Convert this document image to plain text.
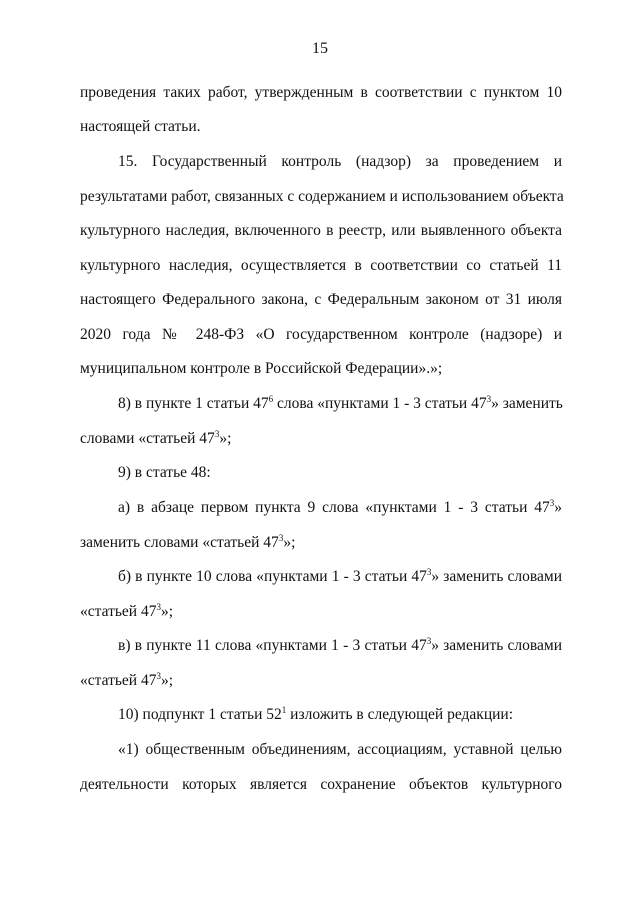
15
проведения таких работ, утвержденным в соответствии с пунктом 10
настоящей статьи.
15. Государственный контроль (надзор) за проведением и
результатами работ, связанных с содержанием и использованием объекта
культурного наследия, включенного в реестр, или выявленного объекта
культурного наследия, осуществляется в соответствии со статьей 11
настоящего Федерального закона, с Федеральным законом от 31 июля
2020 года № 248-ФЗ «О государственном контроле (надзоре) и
муниципальном контроле в Российской Федерации».»;
8) в пункте 1 статьи $47^6$ слова «пунктами 1 - 3 статьи $47^3$» заменить
словами «статьей $47^3$»;
9) в статье 48:
а) в абзаце первом пункта 9 слова «пунктами 1 - 3 статьи $47^3$»
заменить словами «статьей $47^3$»;
б) в пункте 10 слова «пунктами 1 - 3 статьи $47^3$» заменить словами
«статьей $47^3$»;
в) в пункте 11 слова «пунктами 1 - 3 статьи $47^3$» заменить словами
«статьей $47^3$»;
10) подпункт 1 статьи $52^1$ изложить в следующей редакции:
«1) общественным объединениям, ассоциациям, уставной целью
деятельности которых является сохранение объектов культурного
